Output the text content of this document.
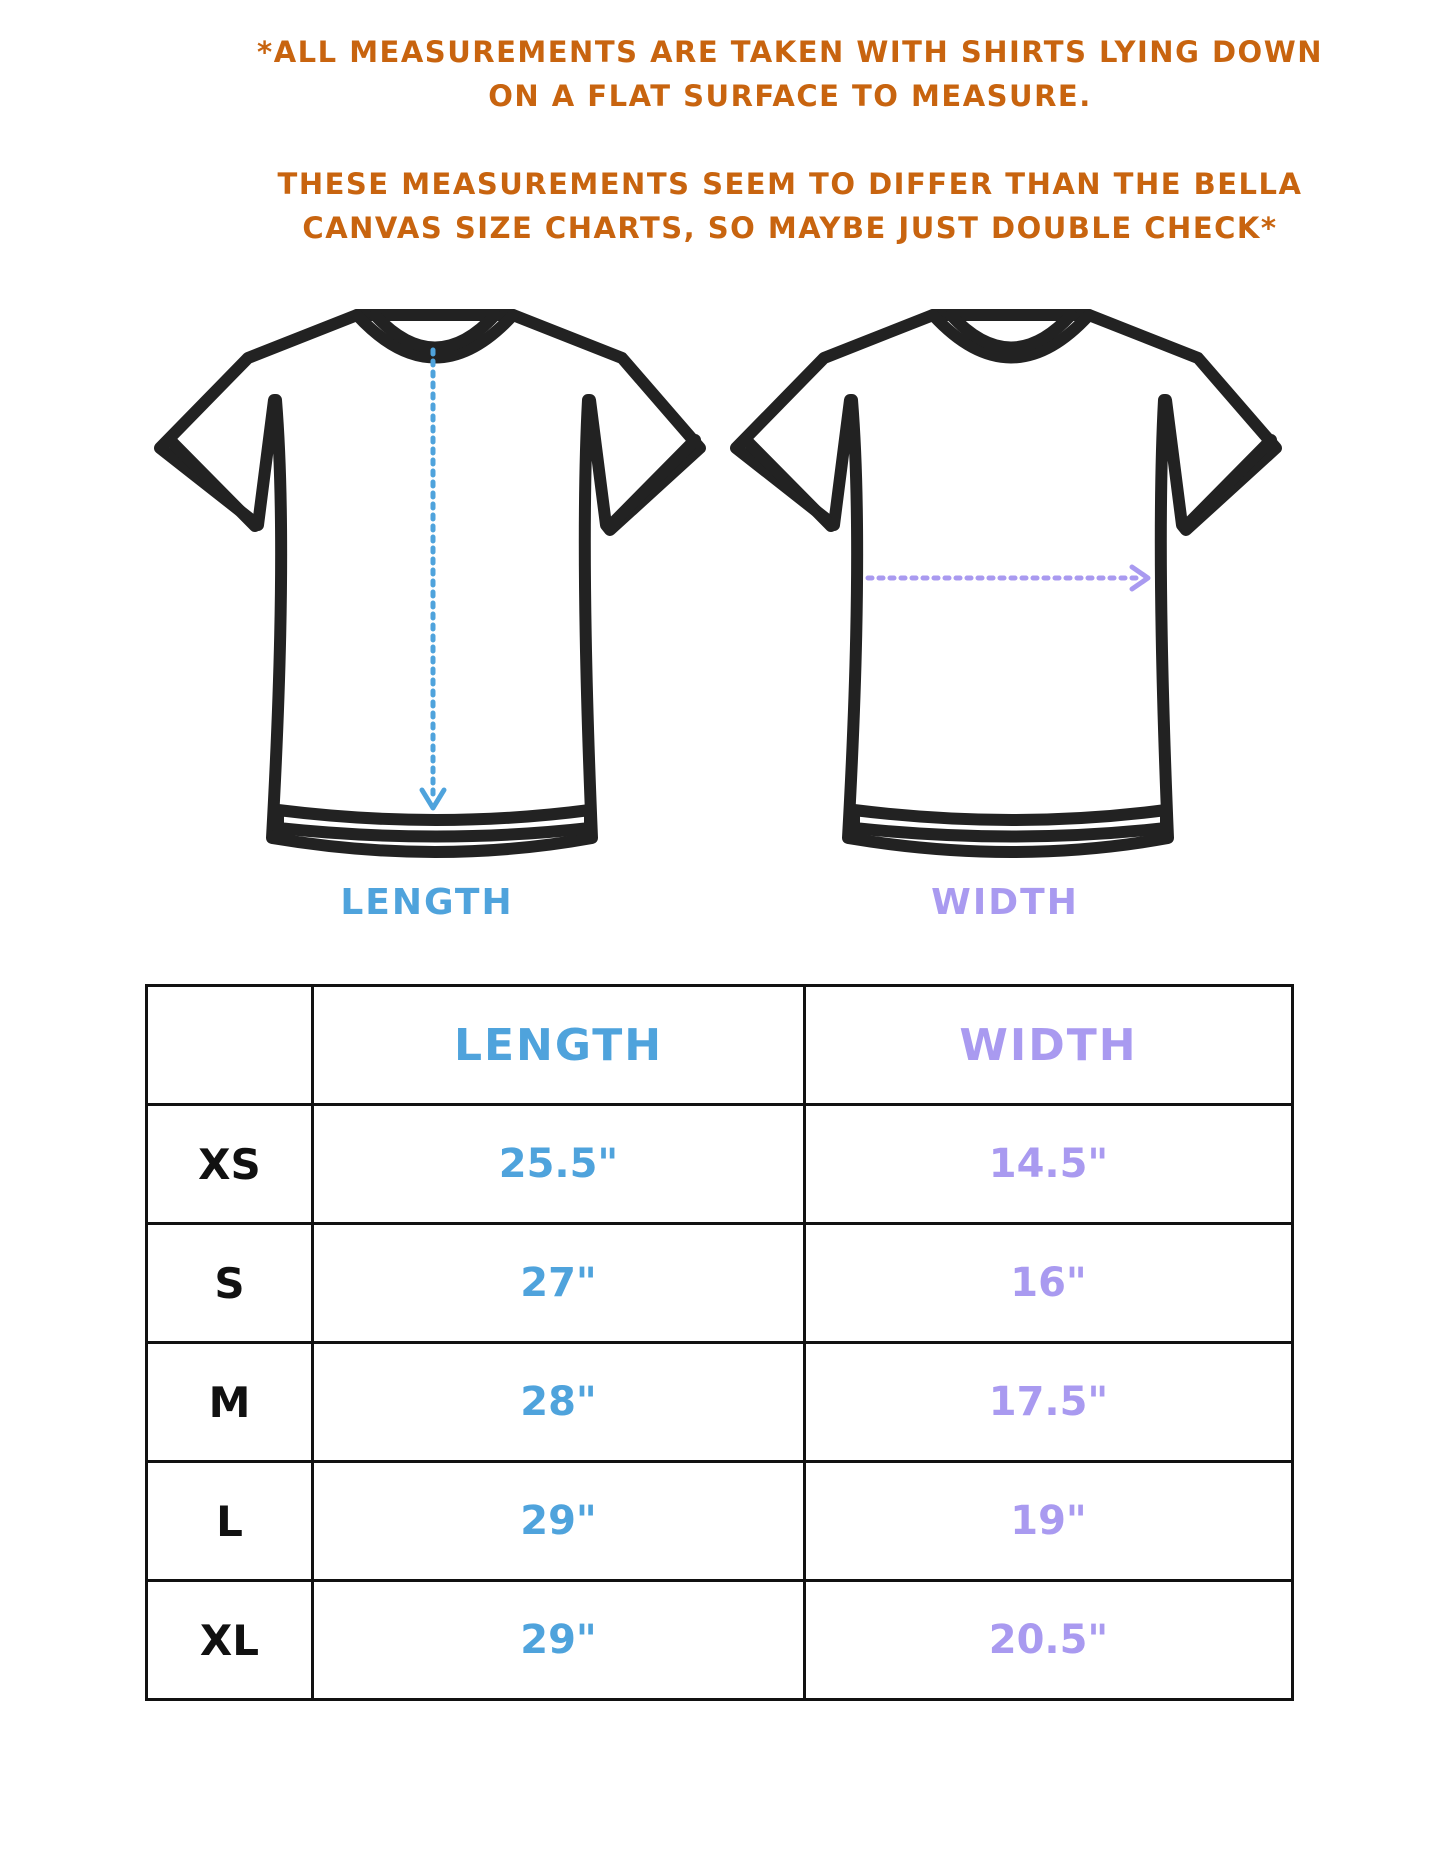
*ALL MEASUREMENTS ARE TAKEN WITH SHIRTS LYING DOWN
ON A FLAT SURFACE TO MEASURE.
THESE MEASUREMENTS SEEM TO DIFFER THAN THE BELLA
CANVAS SIZE CHARTS, SO MAYBE JUST DOUBLE CHECK*
LENGTH	WIDTH
	LENGTH	WIDTH
XS	25.5"	14.5"
S	27"	16"
M	28"	17.5"
L	29"	19"
XL	29"	20.5"
